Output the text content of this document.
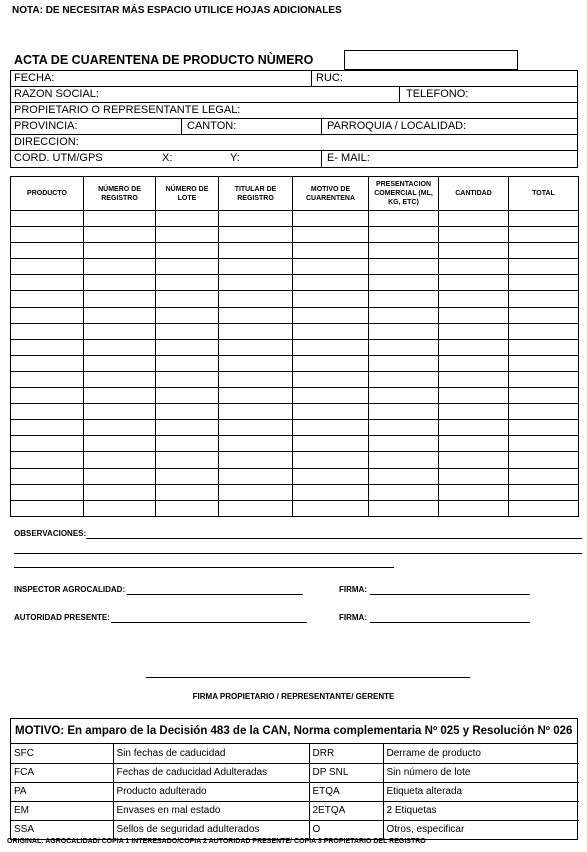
NOTA: DE NECESITAR MÁS ESPACIO UTILICE HOJAS ADICIONALES
ACTA DE CUARENTENA DE PRODUCTO NÙMERO
FECHA:	RUC:
RAZON SOCIAL:	TELEFONO:
PROPIETARIO O REPRESENTANTE LEGAL:
PROVINCIA:	CANTON:	PARROQUIA / LOCALIDAD:
DIRECCION:
CORD. UTM/GPS	X:	Y:	E- MAIL:
PRODUCTO	NÚMERO DE REGISTRO	NÚMERO DE LOTE	TITULAR DE REGISTRO	MOTIVO DE CUARENTENA	PRESENTACION COMERCIAL (ML, KG, ETC)	CANTIDAD	TOTAL

OBSERVACIONES:
INSPECTOR AGROCALIDAD:	FIRMA:
AUTORIDAD PRESENTE:	FIRMA:
FIRMA PROPIETARIO / REPRESENTANTE/ GERENTE
MOTIVO: En amparo de la Decisión 483 de la CAN, Norma complementaria Nº 025 y Resolución Nº 026
SFC	Sin fechas de caducidad	DRR	Derrame de producto
FCA	Fechas de caducidad Adulteradas	DP SNL	Sin número de lote
PA	Producto adulterado	ETQA	Etiqueta alterada
EM	Envases en mal estado	2ETQA	2 Etiquetas
SSA	Sellos de seguridad adulterados	O	Otros, especificar
ORIGINAL: AGROCALIDAD/ COPIA 1 INTERESADO/COPIA 2 AUTORIDAD PRESENTE/ COPIA 3 PROPIETARIO DEL REGISTRO
